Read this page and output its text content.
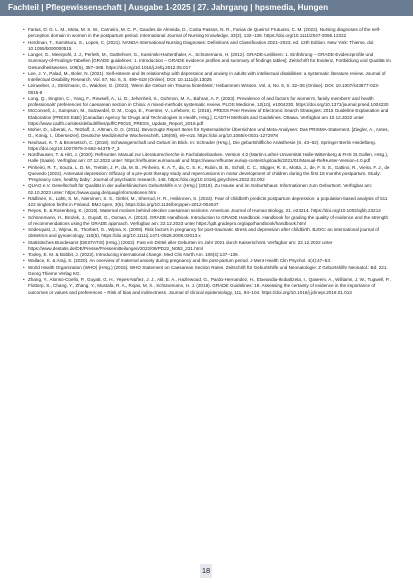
Fachteil | Pflegewissenschaft | Ausgabe 1-2025 | 27. Jahrgang | hpsmedia, Hungen
• Farias, D. G. L. M., Mota, M. S. W., Carneiro, M. C. P., Gaudes de Almeida, D., Costa Passos, N. R., Farias de Queiroz Frutuoso, C. M. (2022). Nursing diagnoses of the self-perception domain in women in the postpartum period. International Journal of Nursing Knowledge, 33(2), 132–138. https://doi.org/10.1111/2047-3095.12322
• Herdman, T., Kamitsuru, S., Lopes, C. (2021). NANDA International Nursing Diagnoses: Definitions and Classification 2021–2023, ed. 12th Edition. New York: Thieme. doi: 10.1055/b000000515
• Langer, G., Meerpohl, J. J., Perleth, M., Gartlehner, G., Kaminski-Hartenthaler, A., Schünemann, H. (2012). GRADE-Leitlinien: 1. Einführung – GRADE-Evidenzprofile und Summary-of-Findings-Tabellen [GRADE guidelines: 1. Introduction – GRADE evidence profiles and summary of findings tables]. Zeitschrift für Evidenz, Fortbildung und Qualität im Gesundheitswesen, 106(5), 357–368. https://doi.org/10.1016/j.zefq.2012.05.017
• Lee, J. Y., Palad, M., Boler, N. (2021). Self-esteem and its relationship with depression and anxiety in adults with intellectual disabilities: a systematic literature review. Journal of Intellectual Disability Research. Vol. 67, No. 6, S. 499–518 (Online). DOI: 10.1111/jir.13025
• Leinweber, J., Stritzmann, G., Waldner, G. (2023). 'Wenn die Geburt ein Trauma hinterlässt.' Hebammen Wissen. Vol. 4, No. 6, S. 32–36 (Online). DOI: 10.1007/s43877-023-0815-9
• Long, Q., Sington, C., Yang, F., Rowsell, A., Li, D., Jehenheit, S., Gohmon, M. A., Bahran, A. F. (2023). Prevalence of and factors for women's, family members' and health professionals' preferences for caesarean section in China: A mixed-methods systematic review. PLOS Medicine, 12(10), e1004230. https://doi.org/10.1371/journal.pmed.1004230
• McConnell, J., Sampson, M., Salzwedel, D. M., Cogo, E., Foerster, V., Lefebvre, C. (2016). PRESS Peer Review of Electronic Search Strategies: 2015 Guideline Explanation and Elaboration (PRESS E&E) [Canadian Agency for Drugs and Technologies in Health, Hrsg.]. CADTH Methods and Guidelines. Ottawa. Verfügbar am 10.12.2022 unter https://www.cadth.ca/sites/default/files/pdf/CP0015_PRESS_Update_Report_2016.pdf
• Moher, D., Liberati, A., Tetzlaff, J., Altman, D. G. (2011). Bevorzugte Report Items für Systematische Übersichten und Meta-Analysen: Das PRISMA-Statement. [Ziegler, A., Antes, G., König, I., Übersetzer]. Deutsche Medizinische Wochenschrift, 136(08), e9–e15. https://doi.org/10.1055/s-0031-1272978
• Neuhaus, K. T. & Bronsetsch, C. (2018). Schwangerschaft und Geburt im Blick. In: Schrader (Hrsg.), Die geburtshilfliche Anästhesie (S. 43–62). Springer Berlin Heidelberg. https://doi.org/10.1007/978-3-662-54375-7_3
• Nordhausen, T. & Hirt, J. (2020): RefHunter. Manual zur Literaturrecherche in Fachdatenbanken. Version 4.0 (Martin-Luther-Universität Halle-Wittenberg & FHS St.Gallen, Hrsg.), Halle (Saale). Verfügbar am: 07.12.2022 unter: https://refhunter.eu/manual/ und https://www.refhunter.eu/wp-content/uploads/2021/01/Manual-RefHunter-Version-4.0.pdf
• Pinheiro, R. T., Souza, L. D. M., Trettim, J. P., da, M. B., Pinheiro, K. A. T., da, C. S. K., Rubin, B. B., Scholl, C. C., Stigger, R. S., Motta, J., de, F. S. S., Gattino, R., Vieira, F. J., de Quevedo (2022). Antenatal depression: Efficacy of a pre-post therapy study and repercussions in motor development of children during the first 18 months postpartum. Study: 'Pregnancy care, healthy baby'. Journal of psychiatric research, 148, https://doi.org/10.1016/j.jpsychires.2022.02.002
• QUAG e.V. Gesellschaft für Qualität in der außerklinischen Geburtshilfe e.V. (Hrsg.) (2019). Zu Hause und im Geburtshaus: Informationen zum Geburtsort. Verfügbar am: 02.10.2023 unter: https://www.quag.de/quag/informationen.htm
• Rädlinen, S., Lahti, S. M., Nieminen, S. S., Girtler, M., Sherrud, H. R., Heikinnen, S. (2023). Fear of childbirth predicts postpartum depression: a population-based analysis of 511 422 singleton births in Finland. BMJ open, 3(5), https://doi.org/10.1136/bmjopen-2012-004047
• Reyes, E. & Rosenberg, K. (2019). Maternal motives behind elective caesarean sections. American Journal of Human Biology, 31, e23214. https://doi.org/10.1002/ajhb.23214
• Schünemann, H., Brożek, J., Guyatt, G., Oxman, A. (2013). GRADE Handbook. Introduction to GRADE Handbook. Handbook for grading the quality of evidence and the strength of recommendations using the GRADE approach. Verfügbar am: 22.12.2023 unter https://gdt.gradepro.org/app/handbook/handbook.html
• Söderquist, J., Wijma, B., Thorbert, G., Wijma, K. (2009). Risk factors in pregnancy for post-traumatic stress and depression after childbirth. BJOG: an international journal of obstetrics and gynaecology, 116(5), https://doi.org/10.1111/j.1471-0528.2008.02013.x
• Statistisches Bundesamt (DESTATIS) (Hrsg.) (2022). Fast ein Drittel aller Geburten im Jahr 2021 durch Kaiserschnitt. Verfügbar am: 22.12.2022 unter https://www.destatis.de/DE/Presse/Pressemitteilungen/2022/09/PD22_N053_231.html
• Tooley, E. M. & Bobbit, J. (2022). Introducing international change. Med Clin North Am. 106(4):137–139.
• Wallace, K. & Araji, S. (2020). An overview of maternal anxiety during pregnancy and the post-partum period. J Ment Health Clin Psychol. 4(4):47–53.
• World Health Organization (WHO) (Hrsg.) (2015). WHO Statement on Caesarean Section Rates. Zeitschrift für Geburtshilfe und Neonatologie: Z Geburtshilfe Neonatol.: Bd. 221. Georg Thieme Verlag KG.
• Zhang, Y., Alonso-Coello, P., Guyatt, G. H., Yepes-Nuñez, J. J., Akl, E. A., Hazlewood, G., Pardo-Hernandez, H., Etxeandia-Ikobaltzeta, I., Qaseem, A., Williams, J. W., Tugwell, P., Flottorp, S., Chang, Y., Zhang, Y., Mustafa, R. A., Rojas, M. X., Schünemann, H. J. (2019). GRADE Guidelines: 19. Assessing the certainty of evidence in the importance of outcomes or values and preferences – Risk of bias and indirectness. Journal of clinical epidemiology, 111, 94–104. https://doi.org/10.1016/j.jclinepi.2018.01.013
18
